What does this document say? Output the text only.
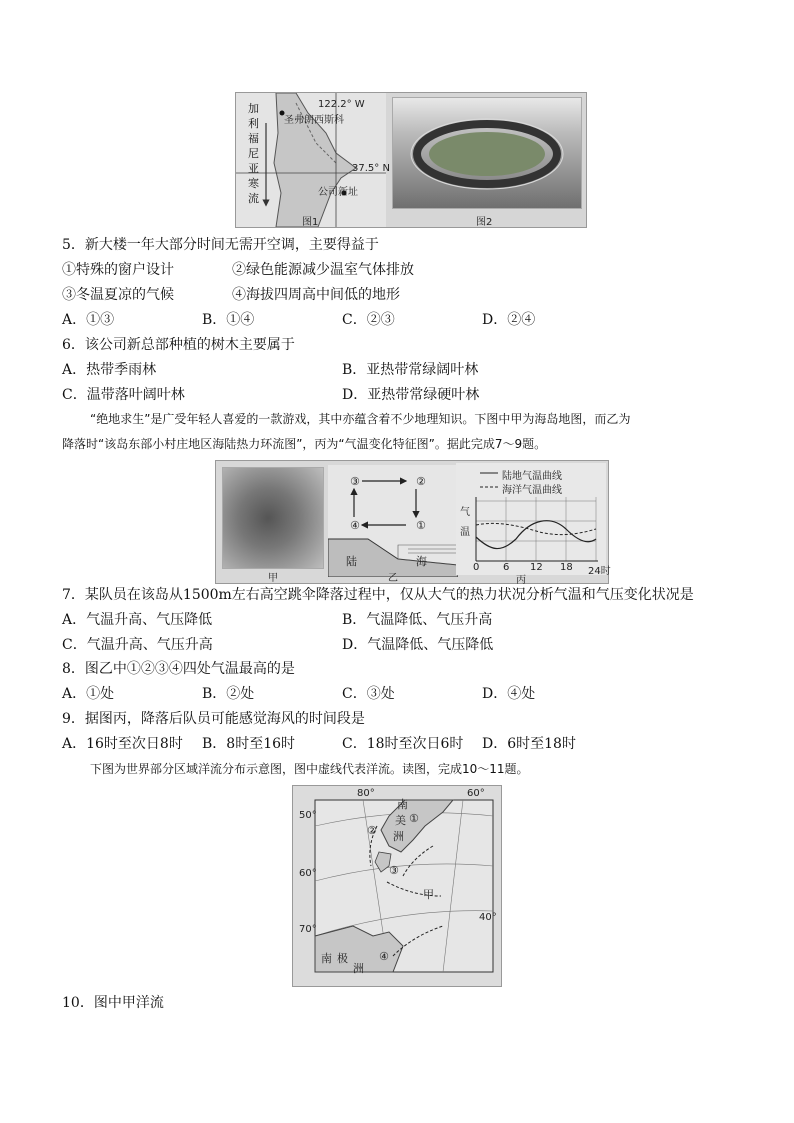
122.2° W
圣弗朗西斯科
37.5° N
公司新址
加
利
福
尼
亚
寒
流
图1	图2
5．新大楼一年大部分时间无需开空调，主要得益于
①特殊的窗户设计	②绿色能源减少温室气体排放
③冬温夏凉的气候	④海拔四周高中间低的地形
A．①③	B．①④	C．②③	D．②④
6．该公司新总部种植的树木主要属于
A．热带季雨林	B．亚热带常绿阔叶林
C．温带落叶阔叶林	D．亚热带常绿硬叶林
“绝地求生”是广受年轻人喜爱的一款游戏，其中亦蕴含着不少地理知识。下图中甲为海岛地图，而乙为
降落时“该岛东部小村庄地区海陆热力环流图”，丙为“气温变化特征图”。据此完成7～9题。
甲
③	②
④	①
陆	海
乙
陆地气温曲线
海洋气温曲线
气
温
0 6 12 18 24时
丙
7．某队员在该岛从1500m左右高空跳伞降落过程中，仅从大气的热力状况分析气温和气压变化状况是
A．气温升高、气压降低	B．气温降低、气压升高
C．气温升高、气压升高	D．气温降低、气压降低
8．图乙中①②③④四处气温最高的是
A．①处	B．②处	C．③处	D．④处
9．据图丙，降落后队员可能感觉海风的时间段是
A．16时至次日8时 B．8时至16时	C．18时至次日6时 D．6时至18时
下图为世界部分区域洋流分布示意图，图中虚线代表洋流。读图，完成10～11题。
80°	60°
50°
60°
70°
40°
南
美
洲
①
②
③
甲
④
南 极
洲
10．图中甲洋流
